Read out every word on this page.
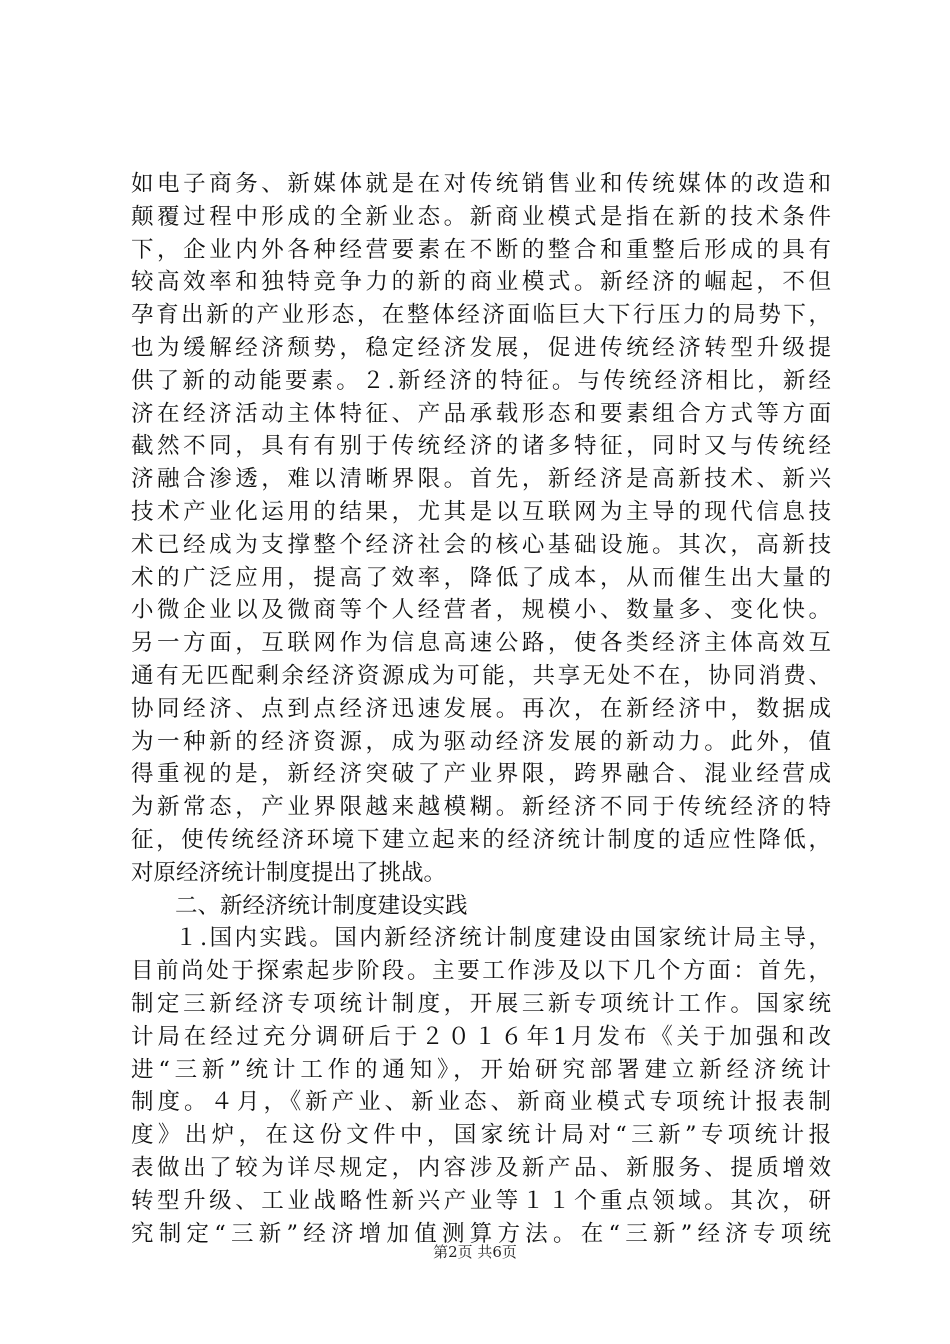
如电子商务、新媒体就是在对传统销售业和传统媒体的改造和
颠覆过程中形成的全新业态。新商业模式是指在新的技术条件
下，企业内外各种经营要素在不断的整合和重整后形成的具有
较高效率和独特竞争力的新的商业模式。新经济的崛起，不但
孕育出新的产业形态，在整体经济面临巨大下行压力的局势下，
也为缓解经济颓势，稳定经济发展，促进传统经济转型升级提
供了新的动能要素。２.新经济的特征。与传统经济相比，新经
济在经济活动主体特征、产品承载形态和要素组合方式等方面
截然不同，具有有别于传统经济的诸多特征，同时又与传统经
济融合渗透，难以清晰界限。首先，新经济是高新技术、新兴
技术产业化运用的结果，尤其是以互联网为主导的现代信息技
术已经成为支撑整个经济社会的核心基础设施。其次，高新技
术的广泛应用，提高了效率，降低了成本，从而催生出大量的
小微企业以及微商等个人经营者，规模小、数量多、变化快。
另一方面，互联网作为信息高速公路，使各类经济主体高效互
通有无匹配剩余经济资源成为可能，共享无处不在，协同消费、
协同经济、点到点经济迅速发展。再次，在新经济中，数据成
为一种新的经济资源，成为驱动经济发展的新动力。此外，值
得重视的是，新经济突破了产业界限，跨界融合、混业经营成
为新常态，产业界限越来越模糊。新经济不同于传统经济的特
征，使传统经济环境下建立起来的经济统计制度的适应性降低，
对原经济统计制度提出了挑战。
二、新经济统计制度建设实践
１.国内实践。国内新经济统计制度建设由国家统计局主导，
目前尚处于探索起步阶段。主要工作涉及以下几个方面：首先，
制定三新经济专项统计制度，开展三新专项统计工作。国家统
计局在经过充分调研后于２０１６年1月发布《关于加强和改
进“三新”统计工作的通知》，开始研究部署建立新经济统计
制度。４月，《新产业、新业态、新商业模式专项统计报表制
度》出炉，在这份文件中，国家统计局对“三新”专项统计报
表做出了较为详尽规定，内容涉及新产品、新服务、提质增效
转型升级、工业战略性新兴产业等１１个重点领域。其次，研
究制定“三新”经济增加值测算方法。在“三新”经济专项统
第2页 共6页
